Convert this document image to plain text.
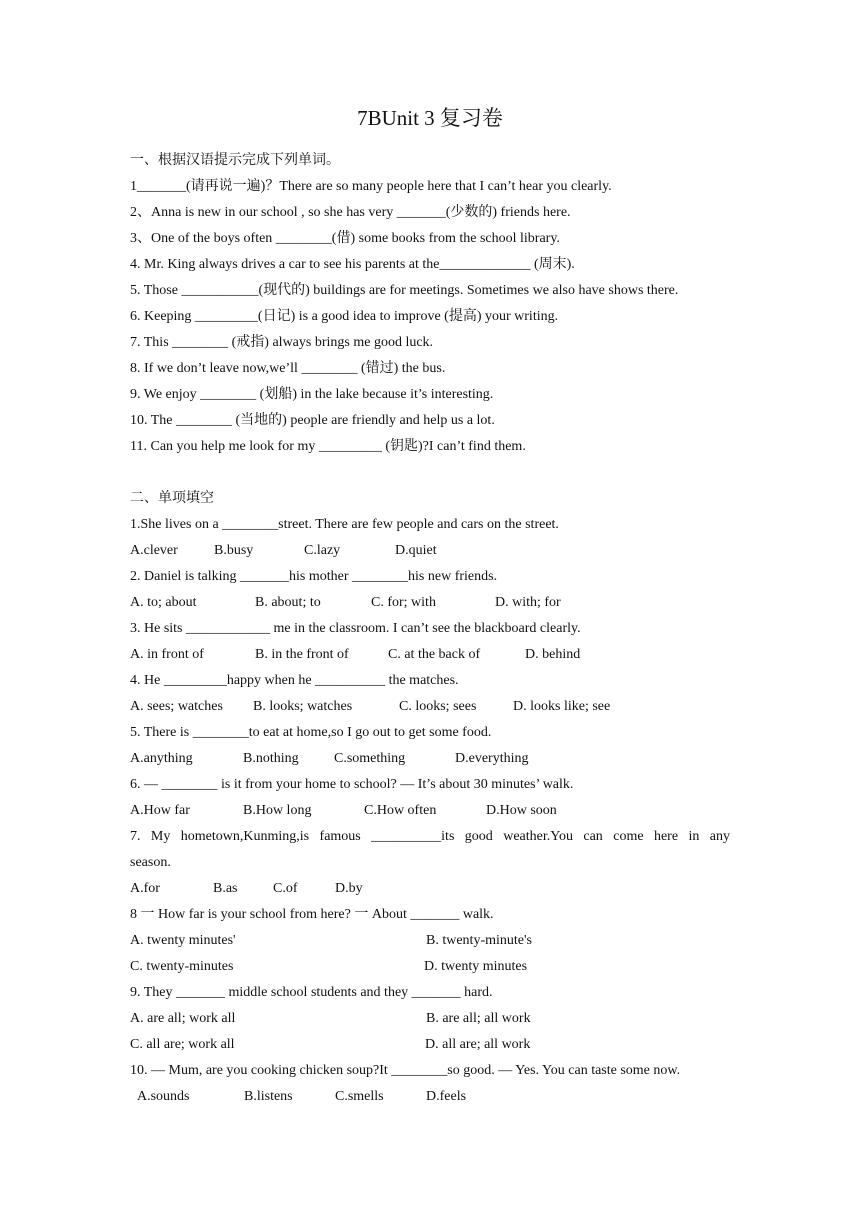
7BUnit 3 复习卷
一、根据汉语提示完成下列单词。
1_______(请再说一遍)？There are so many people here that I can’t hear you clearly.
2、Anna is new in our school , so she has very _______(少数的) friends here.
3、One of the boys often ________(借) some books from the school library.
4. Mr. King always drives a car to see his parents at the_____________ (周末).
5. Those ___________(现代的) buildings are for meetings. Sometimes we also have shows there.
6. Keeping _________(日记) is a good idea to improve (提高) your writing.
7. This ________ (戒指) always brings me good luck.
8. If we don’t leave now,we’ll ________ (错过) the bus.
9. We enjoy ________ (划船) in the lake because it’s interesting.
10. The ________ (当地的) people are friendly and help us a lot.
11. Can you help me look for my _________ (钥匙)?I can’t find them.
二、单项填空
1.She lives on a ________street. There are few people and cars on the street.
A.clever	B.busy	C.lazy	D.quiet
2. Daniel is talking _______his mother ________his new friends.
A. to; about	B. about; to	C. for; with	D. with; for
3. He sits ____________ me in the classroom. I can’t see the blackboard clearly.
A. in front of	B. in the front of	C. at the back of	D. behind
4. He _________happy when he __________ the matches.
A. sees; watches	B. looks; watches	C. looks; sees	D. looks like; see
5. There is ________to eat at home,so I go out to get some food.
A.anything	B.nothing	C.something	D.everything
6. — ________ is it from your home to school? — It’s about 30 minutes’ walk.
A.How far	B.How long	C.How often	D.How soon
7. My hometown,Kunming,is famous __________its good weather.You can come here in any
season.
A.for	B.as	C.of	D.by
8 一 How far is your school from here? 一 About _______ walk.
A. twenty minutes'	B. twenty-minute's
C. twenty-minutes	D. twenty minutes
9. They _______ middle school students and they _______ hard.
A. are all; work all	B. are all; all work
C. all are; work all	D. all are; all work
10. — Mum, are you cooking chicken soup?It ________so good. — Yes. You can taste some now.
A.sounds	B.listens	C.smells	D.feels
